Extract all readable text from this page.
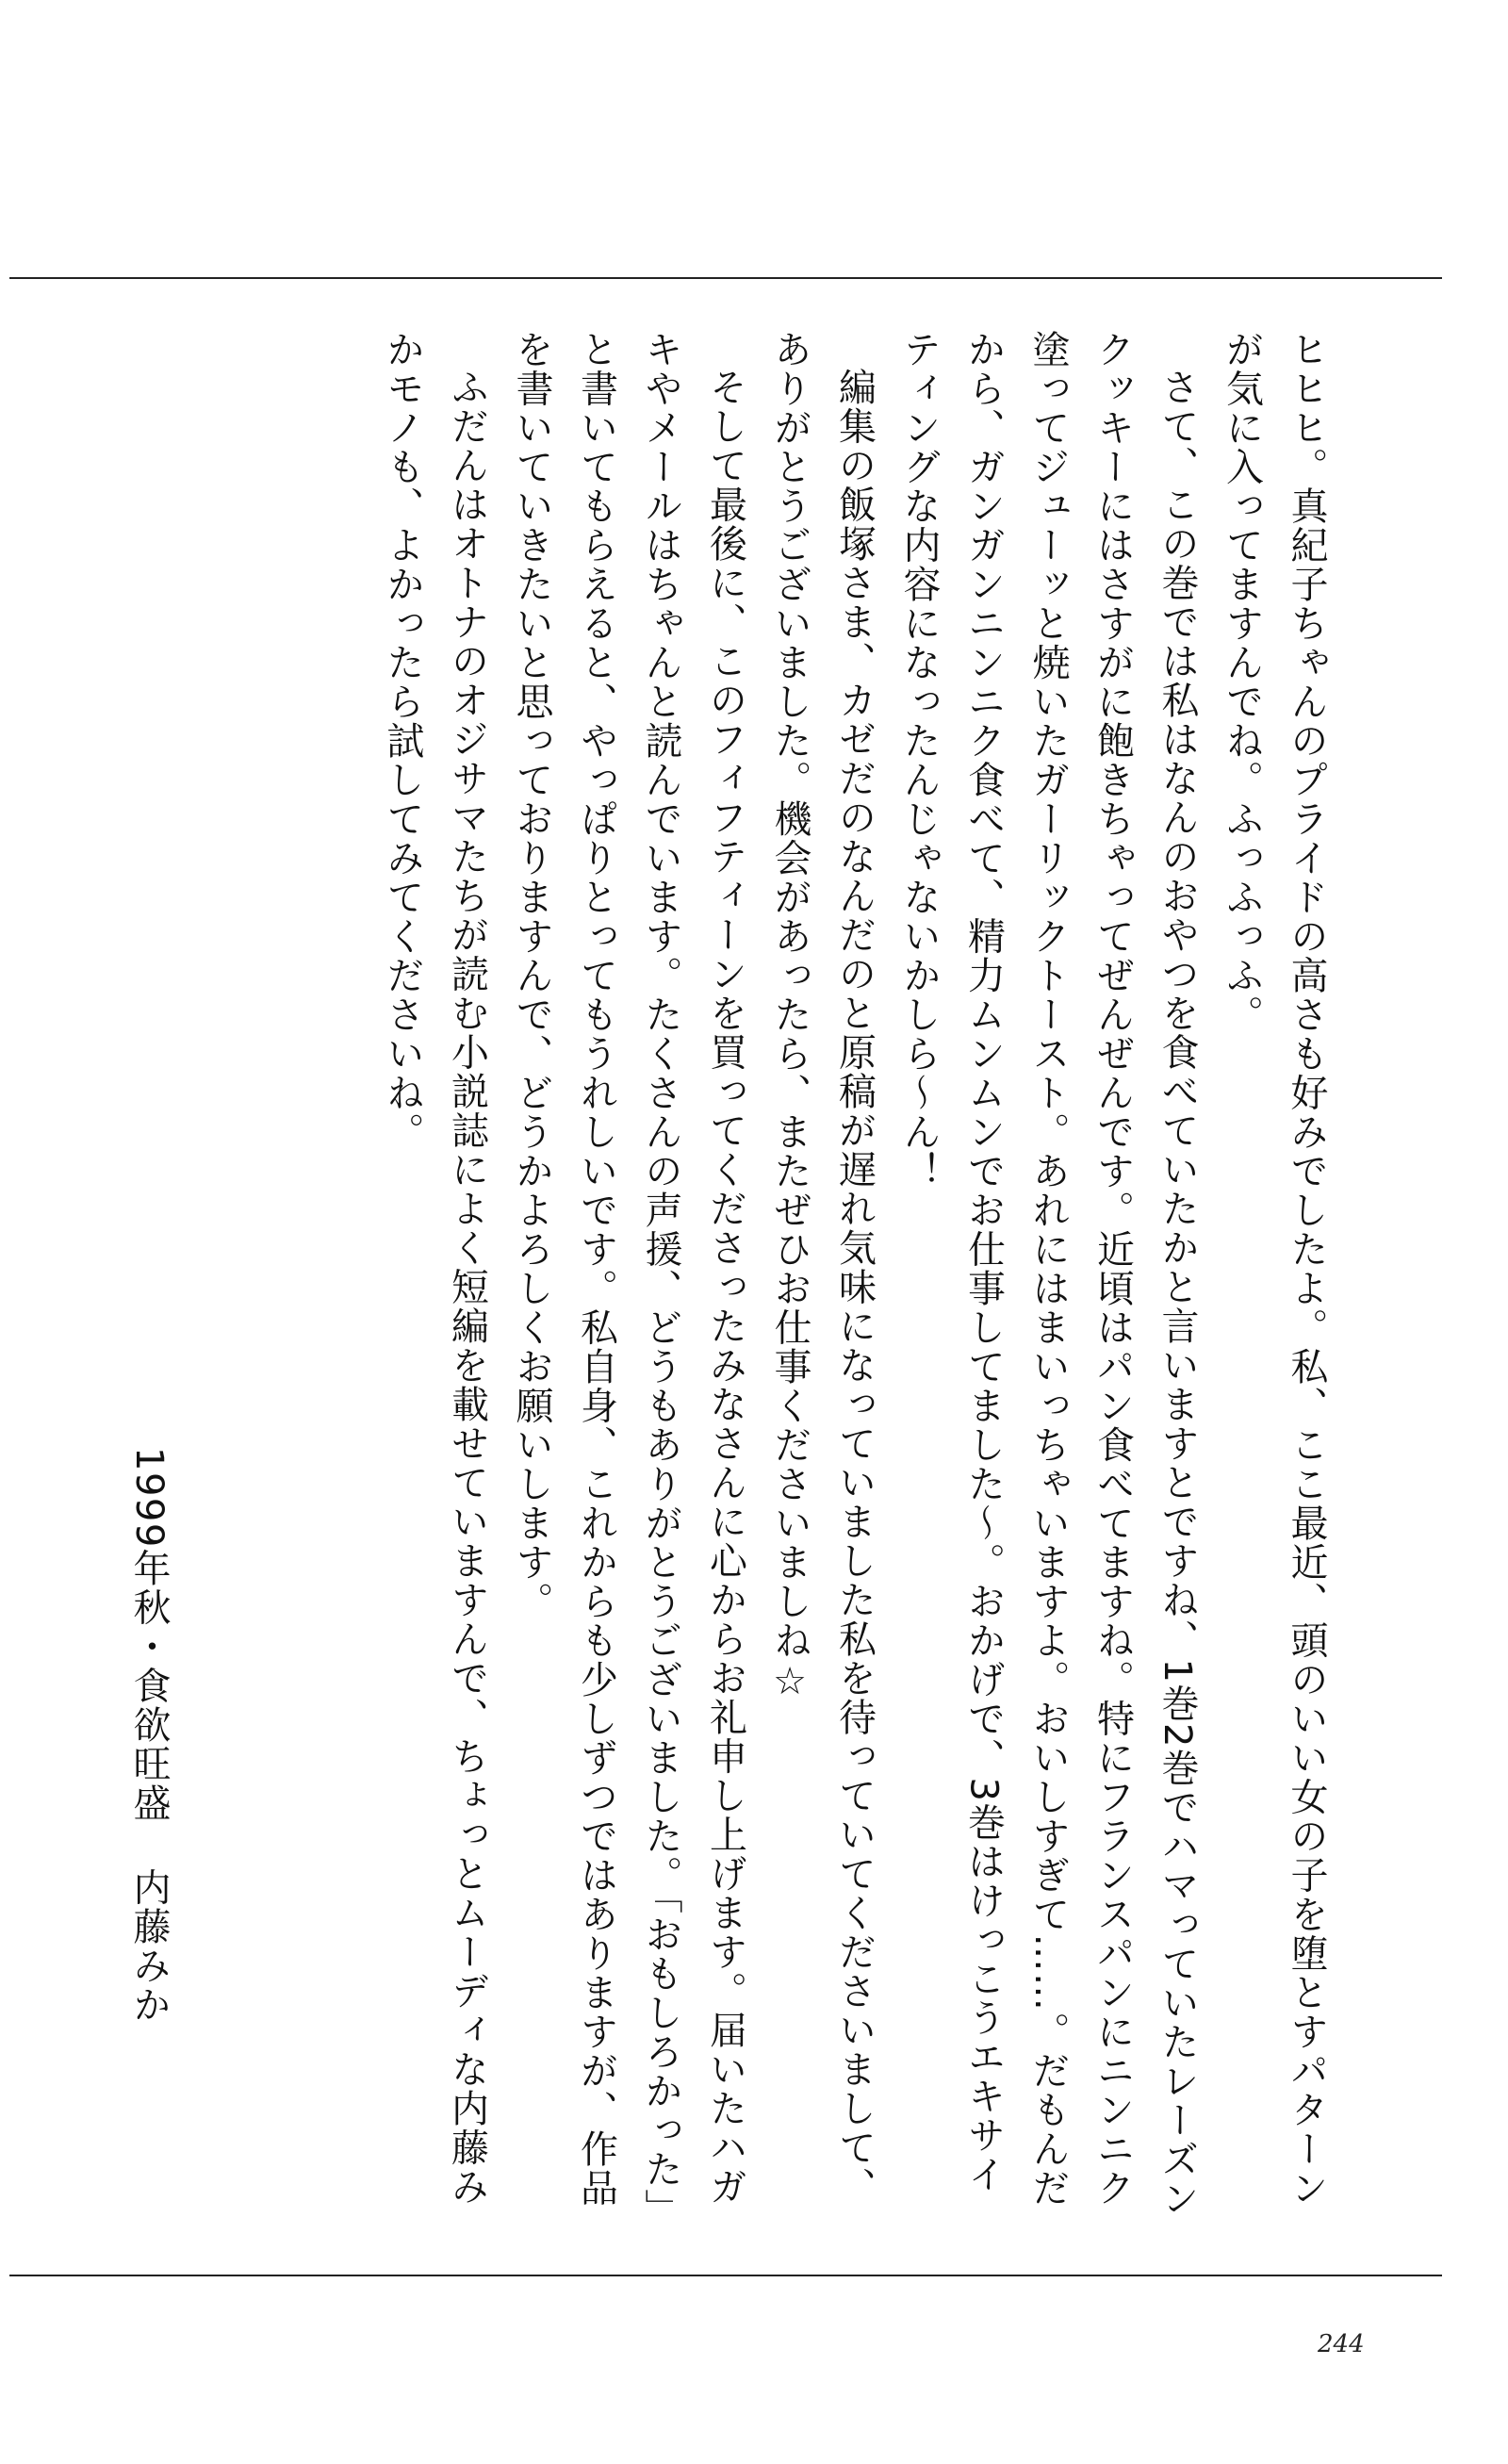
ヒヒヒ。真紀子ちゃんのプライドの高さも好みでしたよ。私、ここ最近、頭のいい女の子を堕とすパターンが気に入ってますんでね。ふっふっふ。

さて、この巻では私はなんのおやつを食べていたかと言いますとですね、1巻2巻でハマっていたレーズンクッキーにはさすがに飽きちゃってぜんぜんです。近頃はパン食べてますね。特にフランスパンにニンニク塗ってジューッと焼いたガーリックトースト。あれにはまいっちゃいますよ。おいしすぎて……。だもんだから、ガンガンニンニク食べて、精力ムンムンでお仕事してました～。おかげで、3巻はけっこうエキサイティングな内容になったんじゃないかしら～ん！

編集の飯塚さま、カゼだのなんだのと原稿が遅れ気味になっていました私を待っていてくださいまして、ありがとうございました。機会があったら、またぜひお仕事くださいましね☆

そして最後に、このフィフティーンを買ってくださったみなさんに心からお礼申し上げます。届いたハガキやメールはちゃんと読んでいます。たくさんの声援、どうもありがとうございました。「おもしろかった」と書いてもらえると、やっぱりとってもうれしいです。私自身、これからも少しずつではありますが、作品を書いていきたいと思っておりますんで、どうかよろしくお願いします。

ふだんはオトナのオジサマたちが読む小説誌によく短編を載せていますんで、ちょっとムーディな内藤みかモノも、よかったら試してみてくださいね。

1999年秋・食欲旺盛内藤みか
244
